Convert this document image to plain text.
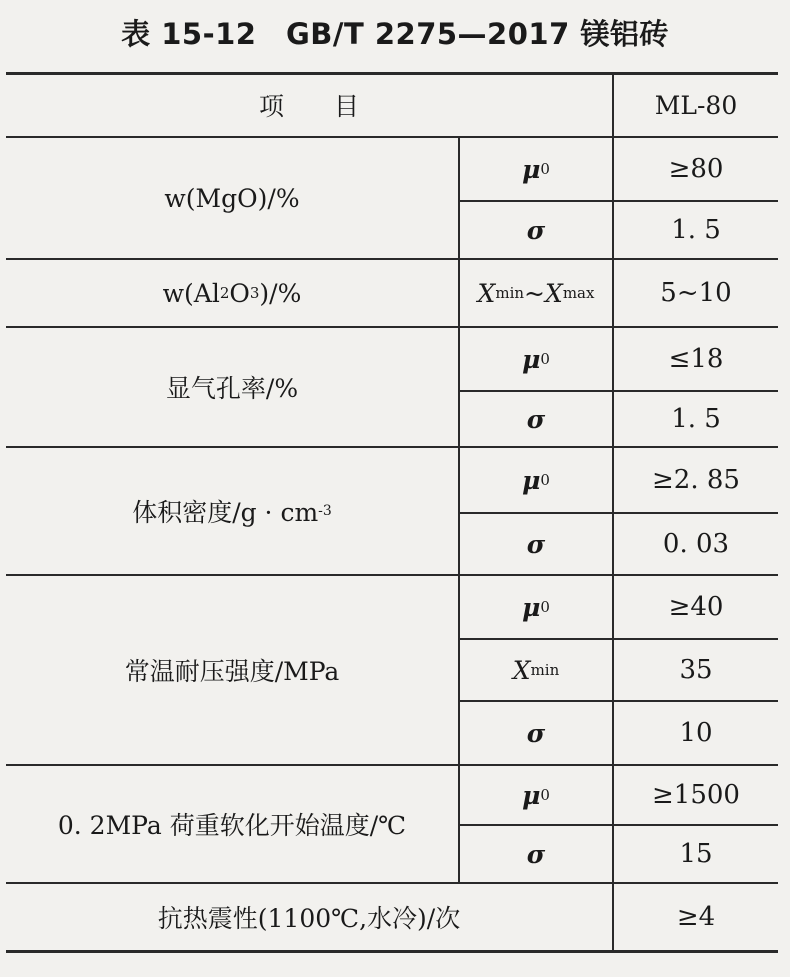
表 15-12　GB/T 2275—2017 镁铝砖
项　　目	ML-80
w(MgO)/%
μ 0	≥80
σ	1. 5
w(Al 2 O 3 )/%	X min ~ X max	5~10
显气孔率/%
μ 0	≤18
σ	1. 5
体积密度/g · cm -3
μ 0	≥2. 85
σ	0. 03
常温耐压强度/MPa
μ 0	≥40
X min	35
σ	10
0. 2MPa 荷重软化开始温度/℃
μ 0	≥1500
σ	15
抗热震性(1100℃,水冷)/次	≥4
